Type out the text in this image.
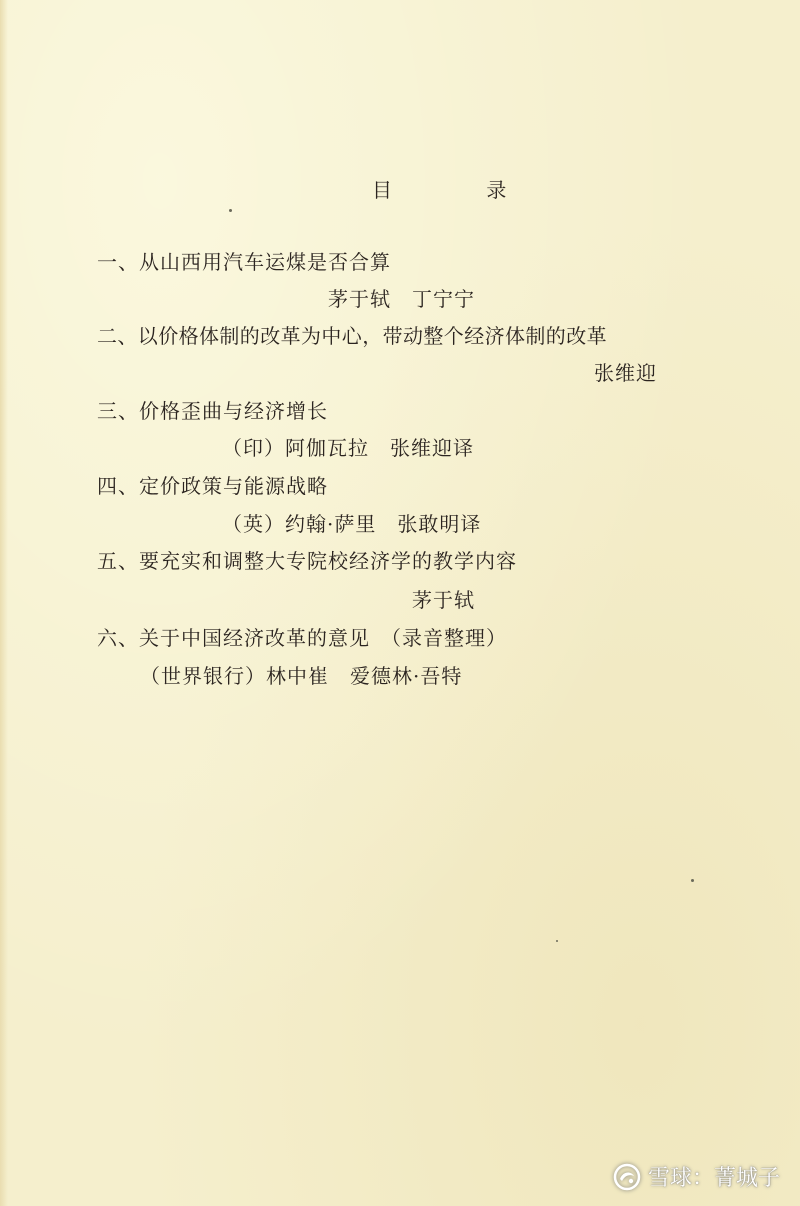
目 录
一、从山西用汽车运煤是否合算
茅于轼　丁宁宁
二、以价格体制的改革为中心，带动整个经济体制的改革
张维迎
三、价格歪曲与经济增长
（印）阿伽瓦拉　张维迎译
四、定价政策与能源战略
（英）约翰·萨里　张敢明译
五、要充实和调整大专院校经济学的教学内容
茅于轼
六、关于中国经济改革的意见　（录音整理）
（世界银行）林中崔　爱德林·吾特
雪球：菁城子
